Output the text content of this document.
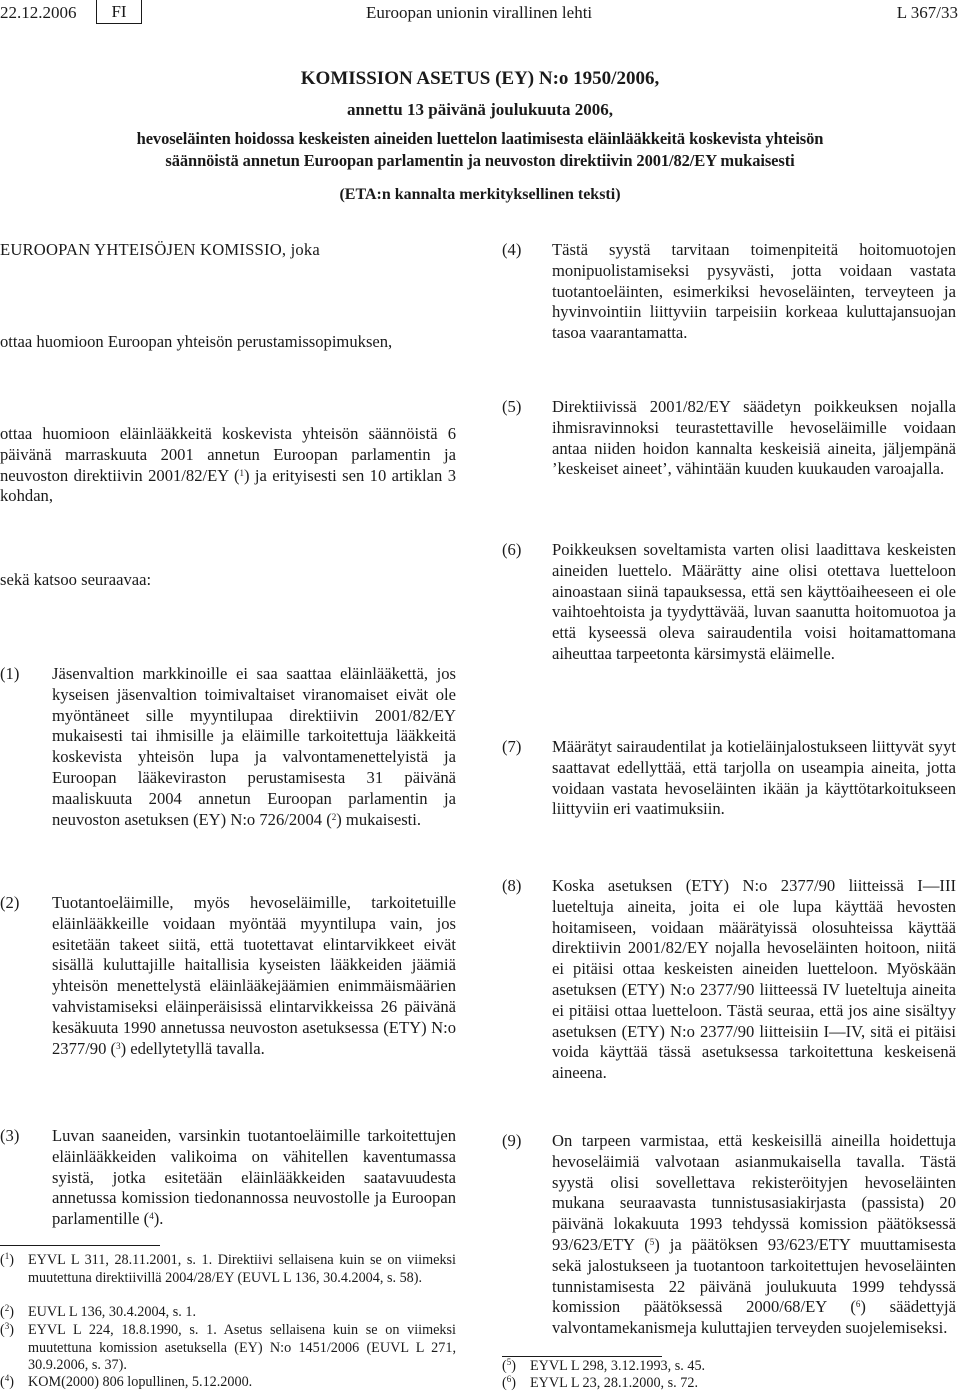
22.12.2006	FI	Euroopan unionin virallinen lehti	L 367/33
KOMISSION ASETUS (EY) N:o 1950/2006,
annettu 13 päivänä joulukuuta 2006,
hevoseläinten hoidossa keskeisten aineiden luettelon laatimisesta eläinlääkkeitä koskevista yhteisön
säännöistä annetun Euroopan parlamentin ja neuvoston direktiivin 2001/82/EY mukaisesti
(ETA:n kannalta merkityksellinen teksti)
EUROOPAN YHTEISÖJEN KOMISSIO, joka
ottaa huomioon Euroopan yhteisön perustamissopimuksen,
ottaa huomioon eläinlääkkeitä koskevista yhteisön säännöistä 6 päivänä marraskuuta 2001 annetun Euroopan parlamentin ja neuvoston direktiivin 2001/82/EY ($^1$) ja erityisesti sen 10 artiklan 3 kohdan,
sekä katsoo seuraavaa:
(1)	Jäsenvaltion markkinoille ei saa saattaa eläinlääkettä, jos kyseisen jäsenvaltion toimivaltaiset viranomaiset eivät ole myöntäneet sille myyntilupaa direktiivin 2001/82/EY mukaisesti tai ihmisille ja eläimille tarkoitettuja lääkkeitä koskevista yhteisön lupa ja valvontamenettelyistä ja Euroopan lääkeviraston perustamisesta 31 päivänä maaliskuuta 2004 annetun Euroopan parlamentin ja neuvoston asetuksen (EY) N:o 726/2004 ($^2$) mukaisesti.
(2)	Tuotantoeläimille, myös hevoseläimille, tarkoitetuille eläinlääkkeille voidaan myöntää myyntilupa vain, jos esitetään takeet siitä, että tuotettavat elintarvikkeet eivät sisällä kuluttajille haitallisia kyseisten lääkkeiden jäämiä yhteisön menettelystä eläinlääkejäämien enimmäismäärien vahvistamiseksi eläinperäisissä elintarvikkeissa 26 päivänä kesäkuuta 1990 annetussa neuvoston asetuksessa (ETY) N:o 2377/90 ($^3$) edellytetyllä tavalla.
(3)	Luvan saaneiden, varsinkin tuotantoeläimille tarkoitettujen eläinlääkkeiden valikoima on vähitellen kaventumassa syistä, jotka esitetään eläinlääkkeiden saatavuudesta annetussa komission tiedonannossa neuvostolle ja Euroopan parlamentille ($^4$).
(4)	Tästä syystä tarvitaan toimenpiteitä hoitomuotojen monipuolistamiseksi pysyvästi, jotta voidaan vastata tuotantoeläinten, esimerkiksi hevoseläinten, terveyteen ja hyvinvointiin liittyviin tarpeisiin korkeaa kuluttajansuojan tasoa vaarantamatta.
(5)	Direktiivissä 2001/82/EY säädetyn poikkeuksen nojalla ihmisravinnoksi teurastettaville hevoseläimille voidaan antaa niiden hoidon kannalta keskeisiä aineita, jäljempänä ’keskeiset aineet’, vähintään kuuden kuukauden varoajalla.
(6)	Poikkeuksen soveltamista varten olisi laadittava keskeisten aineiden luettelo. Määrätty aine olisi otettava luetteloon ainoastaan siinä tapauksessa, että sen käyttöaiheeseen ei ole vaihtoehtoista ja tyydyttävää, luvan saanutta hoitomuotoa ja että kyseessä oleva sairaudentila voisi hoitamattomana aiheuttaa tarpeetonta kärsimystä eläimelle.
(7)	Määrätyt sairaudentilat ja kotieläinjalostukseen liittyvät syyt saattavat edellyttää, että tarjolla on useampia aineita, jotta voidaan vastata hevoseläinten ikään ja käyttötarkoitukseen liittyviin eri vaatimuksiin.
(8)	Koska asetuksen (ETY) N:o 2377/90 liitteissä I—III lueteltuja aineita, joita ei ole lupa käyttää hevosten hoitamiseen, voidaan määrätyissä olosuhteissa käyttää direktiivin 2001/82/EY nojalla hevoseläinten hoitoon, niitä ei pitäisi ottaa keskeisten aineiden luetteloon. Myöskään asetuksen (ETY) N:o 2377/90 liitteessä IV lueteltuja aineita ei pitäisi ottaa luetteloon. Tästä seuraa, että jos aine sisältyy asetuksen (ETY) N:o 2377/90 liitteisiin I—IV, sitä ei pitäisi voida käyttää tässä asetuksessa tarkoitettuna keskeisenä aineena.
(9)	On tarpeen varmistaa, että keskeisillä aineilla hoidettuja hevoseläimiä valvotaan asianmukaisella tavalla. Tästä syystä olisi sovellettava rekisteröityjen hevoseläinten mukana seuraavasta tunnistusasiakirjasta (passista) 20 päivänä lokakuuta 1993 tehdyssä komission päätöksessä 93/623/ETY ($^5$) ja päätöksen 93/623/ETY muuttamisesta sekä jalostukseen ja tuotantoon tarkoitettujen hevoseläinten tunnistamisesta 22 päivänä joulukuuta 1999 tehdyssä komission päätöksessä 2000/68/EY ($^6$) säädettyjä valvontamekanismeja kuluttajien terveyden suojelemiseksi.
($^1$) EYVL L 311, 28.11.2001, s. 1. Direktiivi sellaisena kuin se on viimeksi muutettuna direktiivillä 2004/28/EY (EUVL L 136, 30.4.2004, s. 58).
($^2$) EUVL L 136, 30.4.2004, s. 1.
($^3$) EYVL L 224, 18.8.1990, s. 1. Asetus sellaisena kuin se on viimeksi muutettuna komission asetuksella (EY) N:o 1451/2006 (EUVL L 271, 30.9.2006, s. 37).
($^4$) KOM(2000) 806 lopullinen, 5.12.2000.
($^5$) EYVL L 298, 3.12.1993, s. 45.
($^6$) EYVL L 23, 28.1.2000, s. 72.
